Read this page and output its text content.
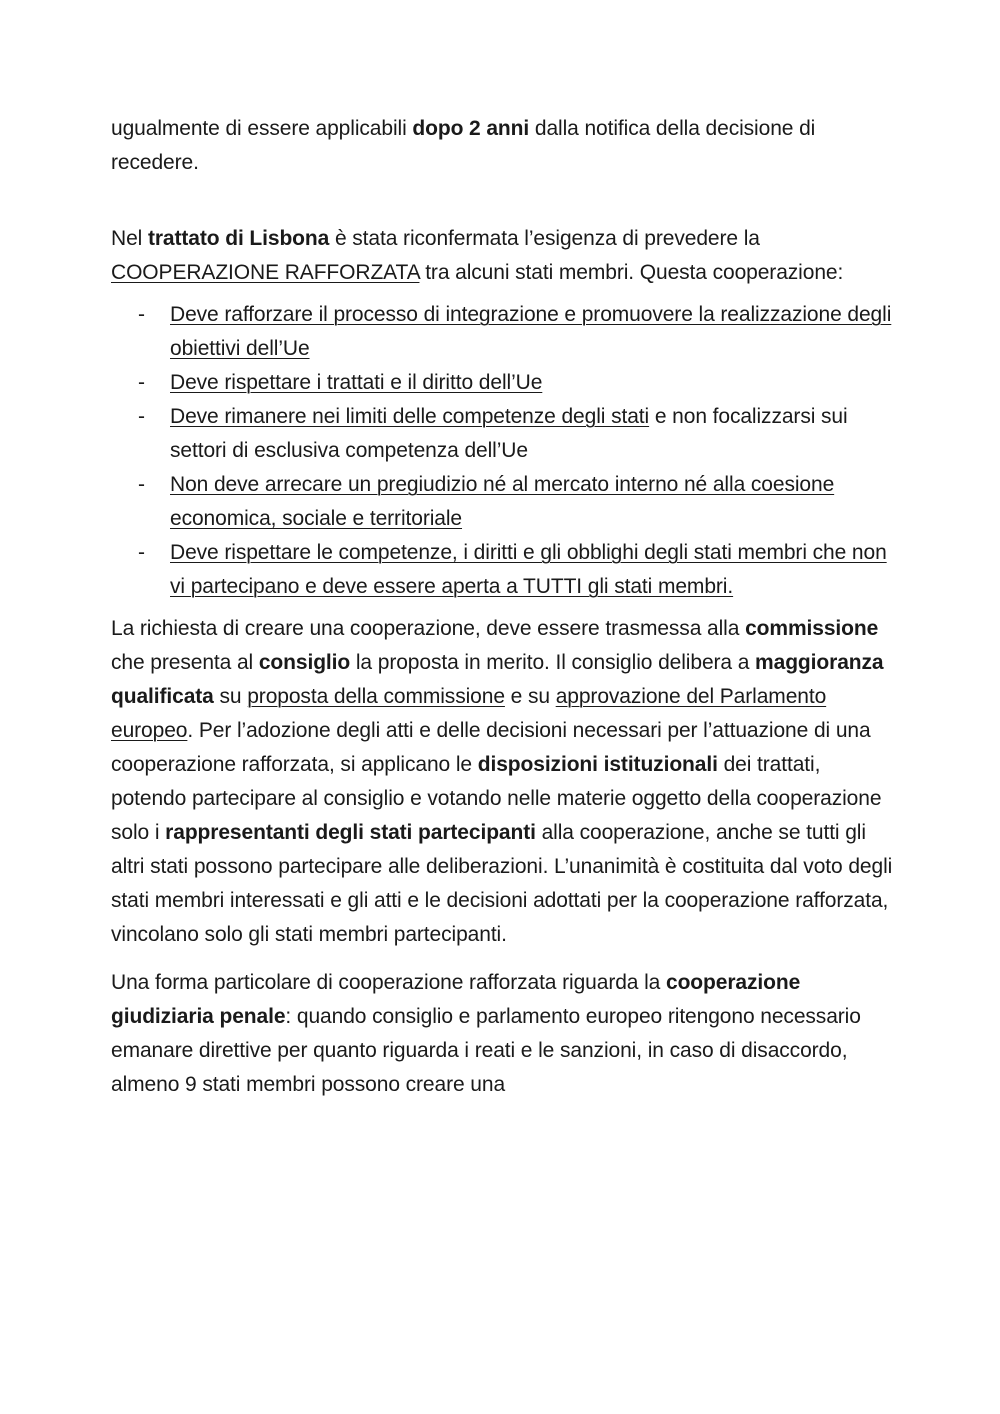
ugualmente di essere applicabili dopo 2 anni dalla notifica della decisione di recedere.

Nel trattato di Lisbona è stata riconfermata l’esigenza di prevedere la COOPERAZIONE RAFFORZATA tra alcuni stati membri. Questa cooperazione:

- Deve rafforzare il processo di integrazione e promuovere la realizzazione degli obiettivi dell’Ue
- Deve rispettare i trattati e il diritto dell’Ue
- Deve rimanere nei limiti delle competenze degli stati e non focalizzarsi sui settori di esclusiva competenza dell’Ue
- Non deve arrecare un pregiudizio né al mercato interno né alla coesione economica, sociale e territoriale
- Deve rispettare le competenze, i diritti e gli obblighi degli stati membri che non vi partecipano e deve essere aperta a TUTTI gli stati membri.

La richiesta di creare una cooperazione, deve essere trasmessa alla commissione che presenta al consiglio la proposta in merito. Il consiglio delibera a maggioranza qualificata su proposta della commissione e su approvazione del Parlamento europeo. Per l’adozione degli atti e delle decisioni necessari per l’attuazione di una cooperazione rafforzata, si applicano le disposizioni istituzionali dei trattati, potendo partecipare al consiglio e votando nelle materie oggetto della cooperazione solo i rappresentanti degli stati partecipanti alla cooperazione, anche se tutti gli altri stati possono partecipare alle deliberazioni. L’unanimità è costituita dal voto degli stati membri interessati e gli atti e le decisioni adottati per la cooperazione rafforzata, vincolano solo gli stati membri partecipanti.

Una forma particolare di cooperazione rafforzata riguarda la cooperazione giudiziaria penale: quando consiglio e parlamento europeo ritengono necessario emanare direttive per quanto riguarda i reati e le sanzioni, in caso di disaccordo, almeno 9 stati membri possono creare una
